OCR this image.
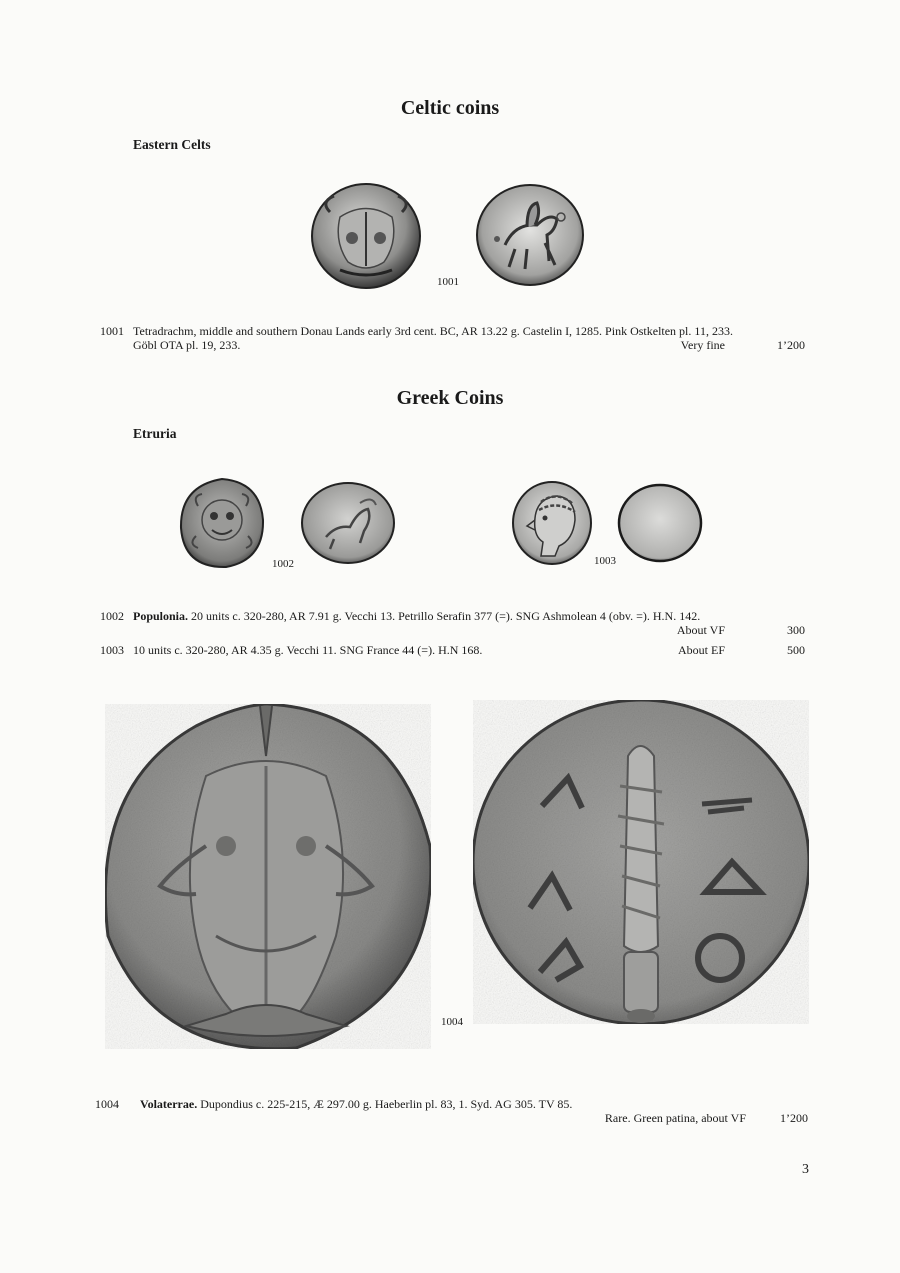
Celtic coins
Eastern Celts
1001
1001 Tetradrachm, middle and southern Donau Lands early 3rd cent. BC, AR 13.22 g. Castelin I, 1285. Pink Ostkelten pl. 11, 233.
Göbl OTA pl. 19, 233.	Very fine	1’200
Greek Coins
Etruria
1002	1003
1002 Populonia. 20 units c. 320-280, AR 7.91 g. Vecchi 13. Petrillo Serafin 377 (=). SNG Ashmolean 4 (obv. =). H.N. 142.
About VF	300
1003 10 units c. 320-280, AR 4.35 g. Vecchi 11. SNG France 44 (=). H.N 168.	About EF	500
1004
1004 Volaterrae. Dupondius c. 225-215, Æ 297.00 g. Haeberlin pl. 83, 1. Syd. AG 305. TV 85.
Rare. Green patina, about VF	1’200
3
